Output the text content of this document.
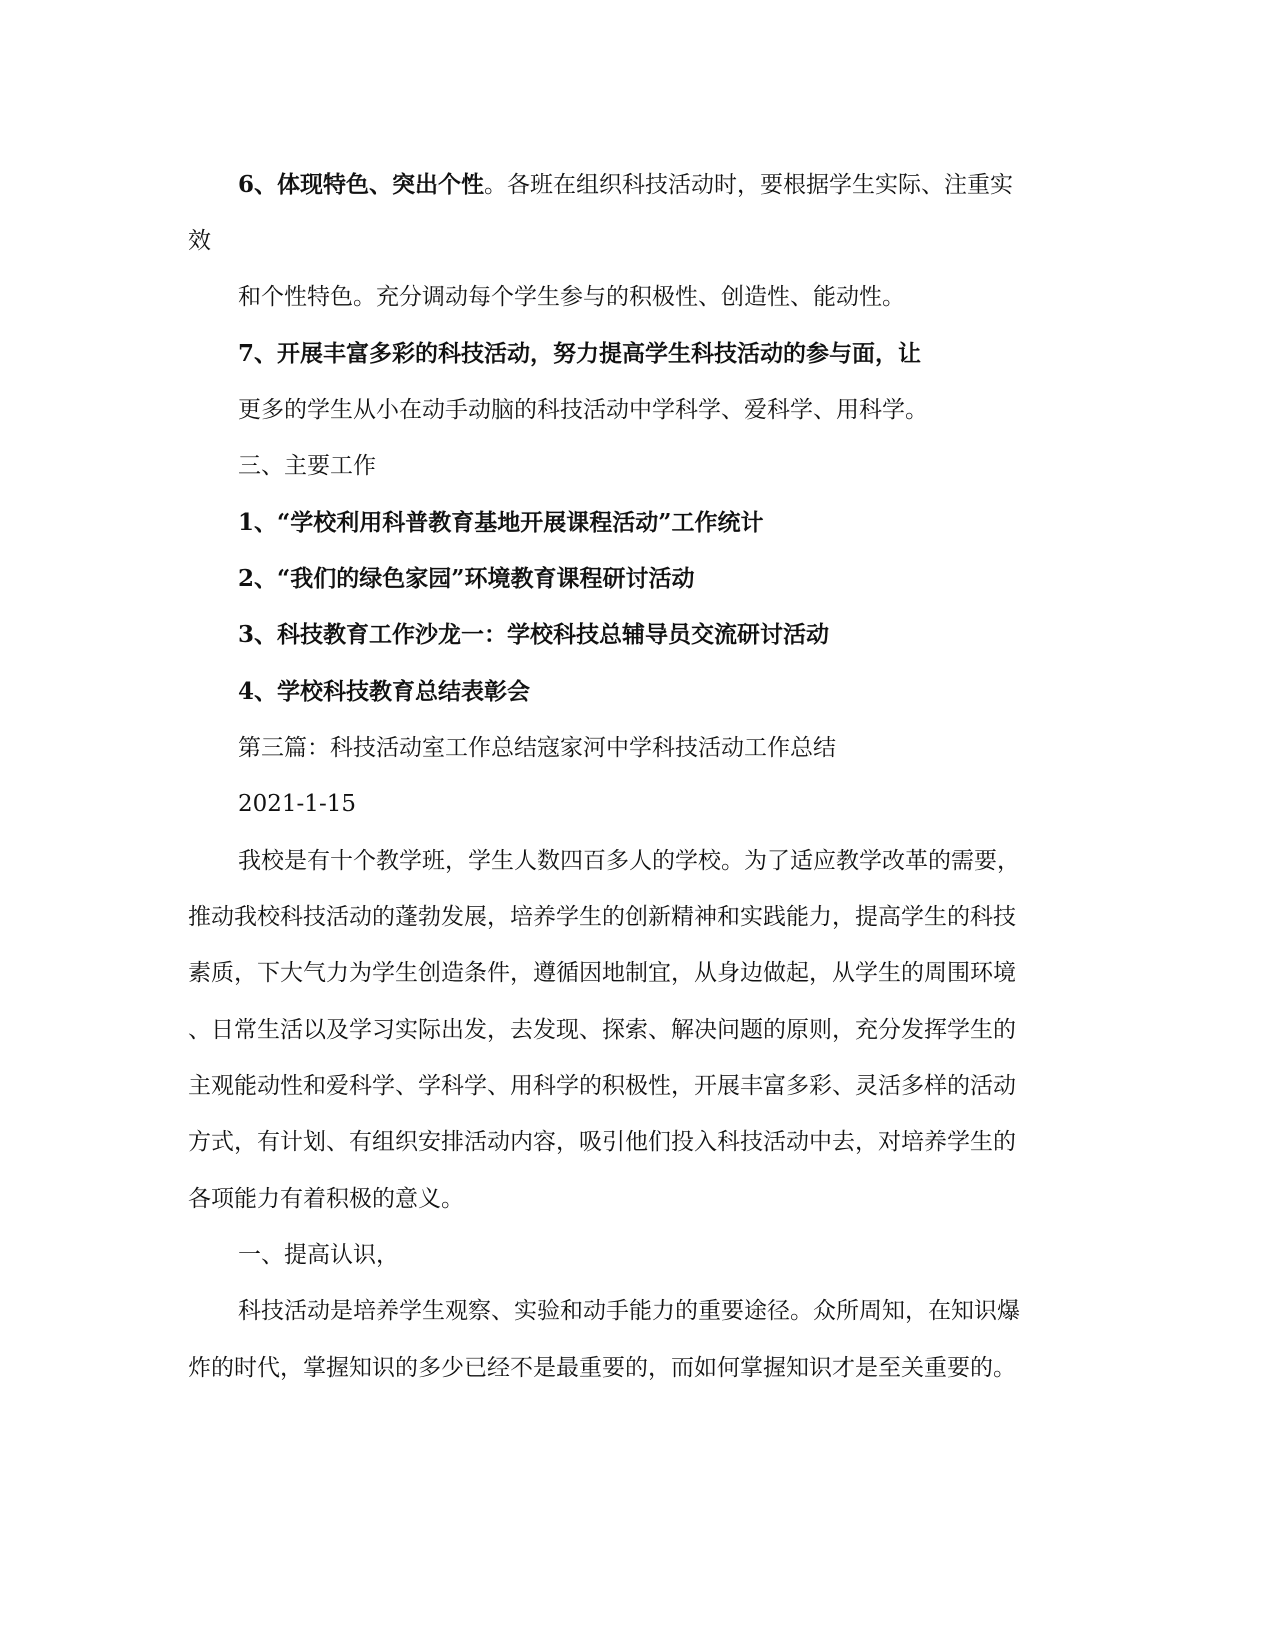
6、体现特色、突出个性。各班在组织科技活动时，要根据学生实际、注重实

效

和个性特色。充分调动每个学生参与的积极性、创造性、能动性。

7、开展丰富多彩的科技活动，努力提高学生科技活动的参与面，让

更多的学生从小在动手动脑的科技活动中学科学、爱科学、用科学。

三、主要工作

1、“学校利用科普教育基地开展课程活动”工作统计

2、“我们的绿色家园”环境教育课程研讨活动

3、科技教育工作沙龙一：学校科技总辅导员交流研讨活动

4、学校科技教育总结表彰会

第三篇：科技活动室工作总结寇家河中学科技活动工作总结

2021-1-15

我校是有十个教学班，学生人数四百多人的学校。为了适应教学改革的需要，

推动我校科技活动的蓬勃发展，培养学生的创新精神和实践能力，提高学生的科技

素质，下大气力为学生创造条件，遵循因地制宜，从身边做起，从学生的周围环境

、日常生活以及学习实际出发，去发现、探索、解决问题的原则，充分发挥学生的

主观能动性和爱科学、学科学、用科学的积极性，开展丰富多彩、灵活多样的活动

方式，有计划、有组织安排活动内容，吸引他们投入科技活动中去，对培养学生的

各项能力有着积极的意义。

一、提高认识，

科技活动是培养学生观察、实验和动手能力的重要途径。众所周知，在知识爆

炸的时代，掌握知识的多少已经不是最重要的，而如何掌握知识才是至关重要的。
